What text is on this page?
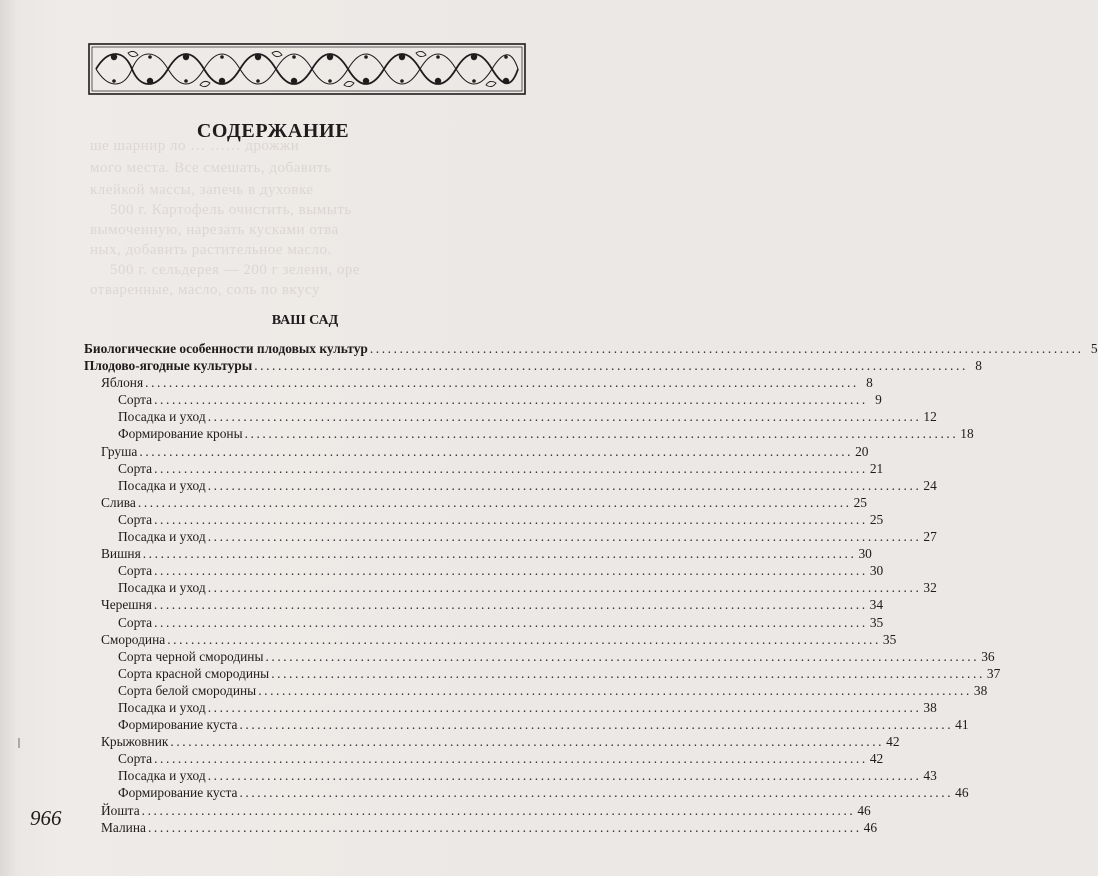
ше шарнир ло … …… дрожжи
мого места. Все смешать, добавить
клейкой массы, запечь в духовке
500 г. Картофель очистить, вымыть
вымоченную, нарезать кусками отва
ных, добавить растительное масло.
500 г. сельдерея — 200 г зелени, оре
отваренные, масло, соль по вкусу
СОДЕРЖАНИЕ
ВАШ САД
Биологические особенности плодовых культур ........................................................................................................................ 5
Плодово-ягодные культуры ........................................................................................................................ 8
Яблоня ........................................................................................................................ 8
Сорта ........................................................................................................................ 9
Посадка и уход ........................................................................................................................ 12
Формирование кроны ........................................................................................................................ 18
Груша ........................................................................................................................ 20
Сорта ........................................................................................................................ 21
Посадка и уход ........................................................................................................................ 24
Слива ........................................................................................................................ 25
Сорта ........................................................................................................................ 25
Посадка и уход ........................................................................................................................ 27
Вишня ........................................................................................................................ 30
Сорта ........................................................................................................................ 30
Посадка и уход ........................................................................................................................ 32
Черешня ........................................................................................................................ 34
Сорта ........................................................................................................................ 35
Смородина ........................................................................................................................ 35
Сорта черной смородины ........................................................................................................................ 36
Сорта красной смородины ........................................................................................................................ 37
Сорта белой смородины ........................................................................................................................ 38
Посадка и уход ........................................................................................................................ 38
Формирование куста ........................................................................................................................ 41
Крыжовник ........................................................................................................................ 42
Сорта ........................................................................................................................ 42
Посадка и уход ........................................................................................................................ 43
Формирование куста ........................................................................................................................ 46
Йошта ........................................................................................................................ 46
Малина ........................................................................................................................ 46
966
